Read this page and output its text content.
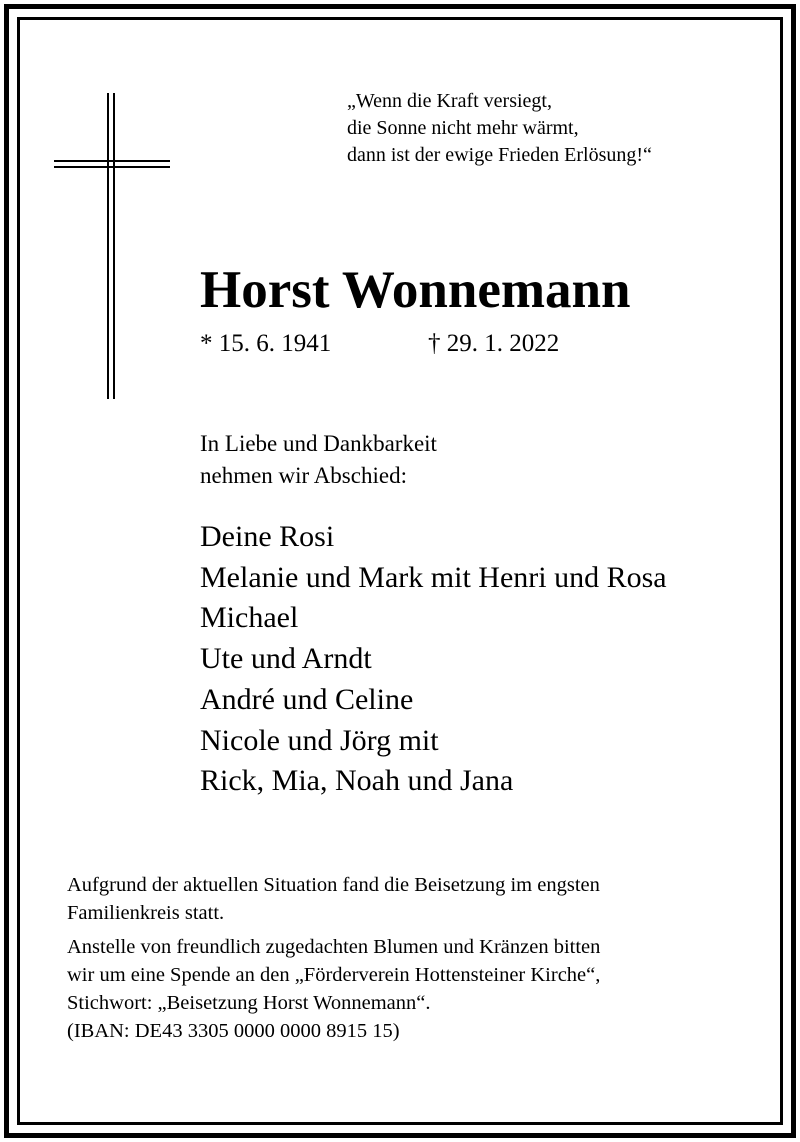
„Wenn die Kraft versiegt,
die Sonne nicht mehr wärmt,
dann ist der ewige Frieden Erlösung!“
Horst Wonnemann
* 15. 6. 1941	† 29. 1. 2022
In Liebe und Dankbarkeit
nehmen wir Abschied:
Deine Rosi
Melanie und Mark mit Henri und Rosa
Michael
Ute und Arndt
André und Celine
Nicole und Jörg mit
Rick, Mia, Noah und Jana
Aufgrund der aktuellen Situation fand die Beisetzung im engsten
Familienkreis statt.
Anstelle von freundlich zugedachten Blumen und Kränzen bitten
wir um eine Spende an den „Förderverein Hottensteiner Kirche“,
Stichwort: „Beisetzung Horst Wonnemann“.
(IBAN: DE43 3305 0000 0000 8915 15)
